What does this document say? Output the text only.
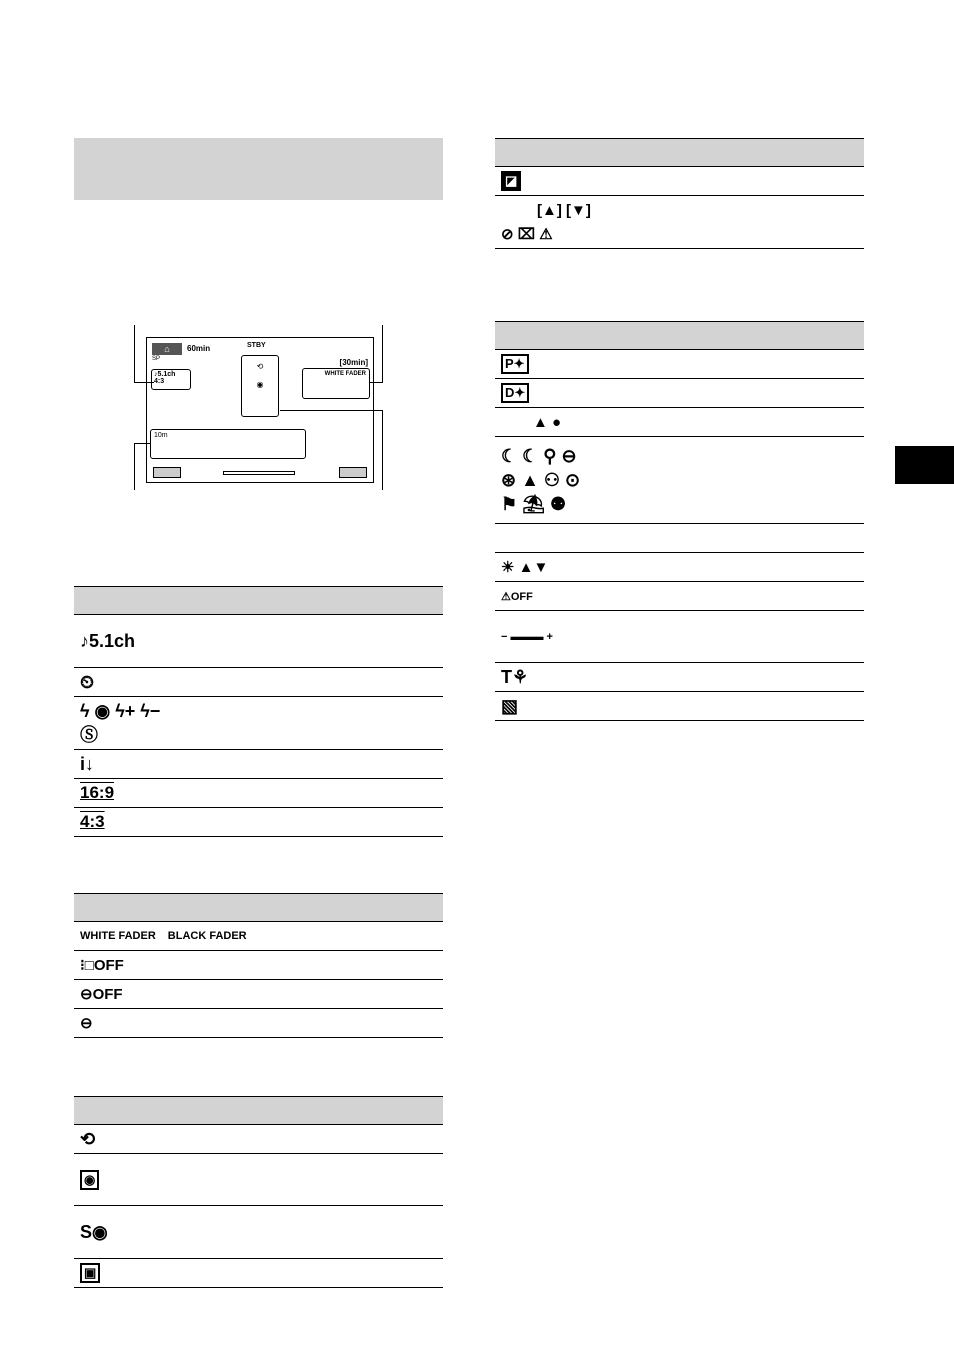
⌂	60min	STBY
[30min]
SP
♪5.1ch
4:3
⟲

◉
WHITE FADER
10m
♪5.1ch
⏲
ϟ ◉ ϟ+ ϟ−
Ⓢ
i↓
16:9
4:3
WHITE FADER BLACK FADER
⁝□OFF
⊖OFF
⊖
⟲
◉
S◉
▣
◪
[▲] [▼]
⊘ ⌧ ⚠
P✦
D✦
▲ ●
☾ ☾ ⚲ ⊖
⊛ ▲ ⚇ ⊙
⚑ ⛱ ⚉
☀ ▲▼
⚠OFF
− ▬▬▬ +
T⚘
▧
